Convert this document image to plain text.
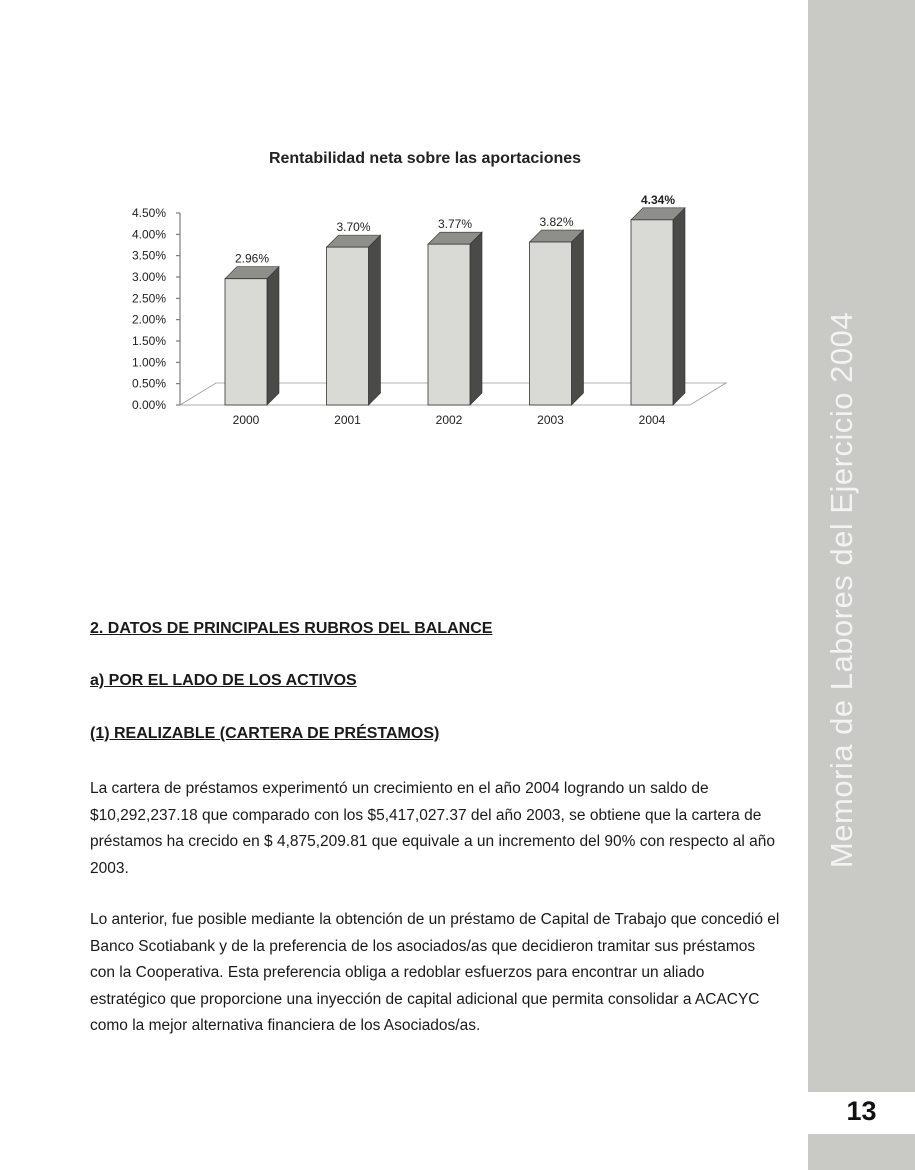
Memoria de Labores del Ejercicio 2004
13
Rentabilidad neta sobre las aportaciones
0.00%
0.50%
1.00%
1.50%
2.00%
2.50%
3.00%
3.50%
4.00%
4.50%
2.96%
2000
3.70%
2001
3.77%
2002
3.82%
2003
4.34%
2004
2. DATOS DE PRINCIPALES RUBROS DEL BALANCE
a) POR EL LADO DE LOS ACTIVOS
(1) REALIZABLE (CARTERA DE PRÉSTAMOS)

La cartera de préstamos experimentó un crecimiento en el año 2004 logrando un saldo de $10,292,237.18 que comparado con los $5,417,027.37 del año 2003, se obtiene que la cartera de préstamos ha crecido en $ 4,875,209.81 que equivale a un incremento del 90% con respecto al año 2003.

Lo anterior, fue posible mediante la obtención de un préstamo de Capital de Trabajo que concedió el Banco Scotiabank y de la preferencia de los asociados/as que decidieron tramitar sus préstamos con la Cooperativa. Esta preferencia obliga a redoblar esfuerzos para encontrar un aliado estratégico que proporcione una inyección de capital adicional que permita consolidar a ACACYC como la mejor alternativa financiera de los Asociados/as.
